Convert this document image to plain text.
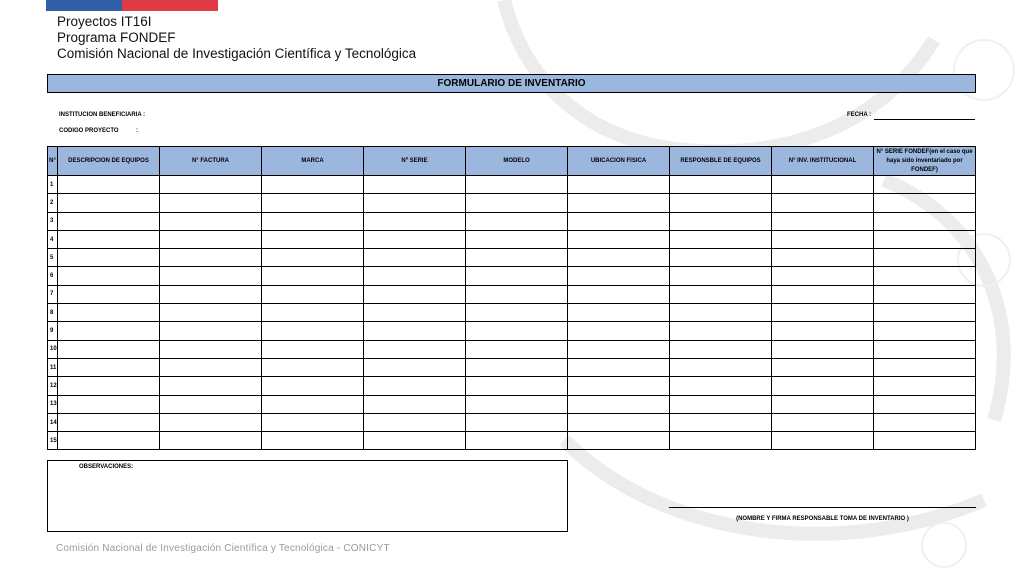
Proyectos IT16I
Programa FONDEF
Comisión Nacional de Investigación Científica y Tecnológica
FORMULARIO DE INVENTARIO
INSTITUCION BENEFICIARIA :
CODIGO PROYECTO	:
FECHA :
N°	DESCRIPCION DE EQUIPOS	N° FACTURA	MARCA	Nº SERIE	MODELO	UBICACION FISICA	RESPONSBLE DE EQUIPOS	N° INV. INSTITUCIONAL	N° SERIE FONDEF(en el caso que haya sido inventariado por FONDEF)
1									
2									
3									
4									
5									
6									
7									
8									
9									
10									
11									
12									
13									
14									
15									
OBSERVACIONES:
(NOMBRE Y FIRMA RESPONSABLE TOMA DE INVENTARIO )
Comisión Nacional de Investigación Científica y Tecnológica - CONICYT
